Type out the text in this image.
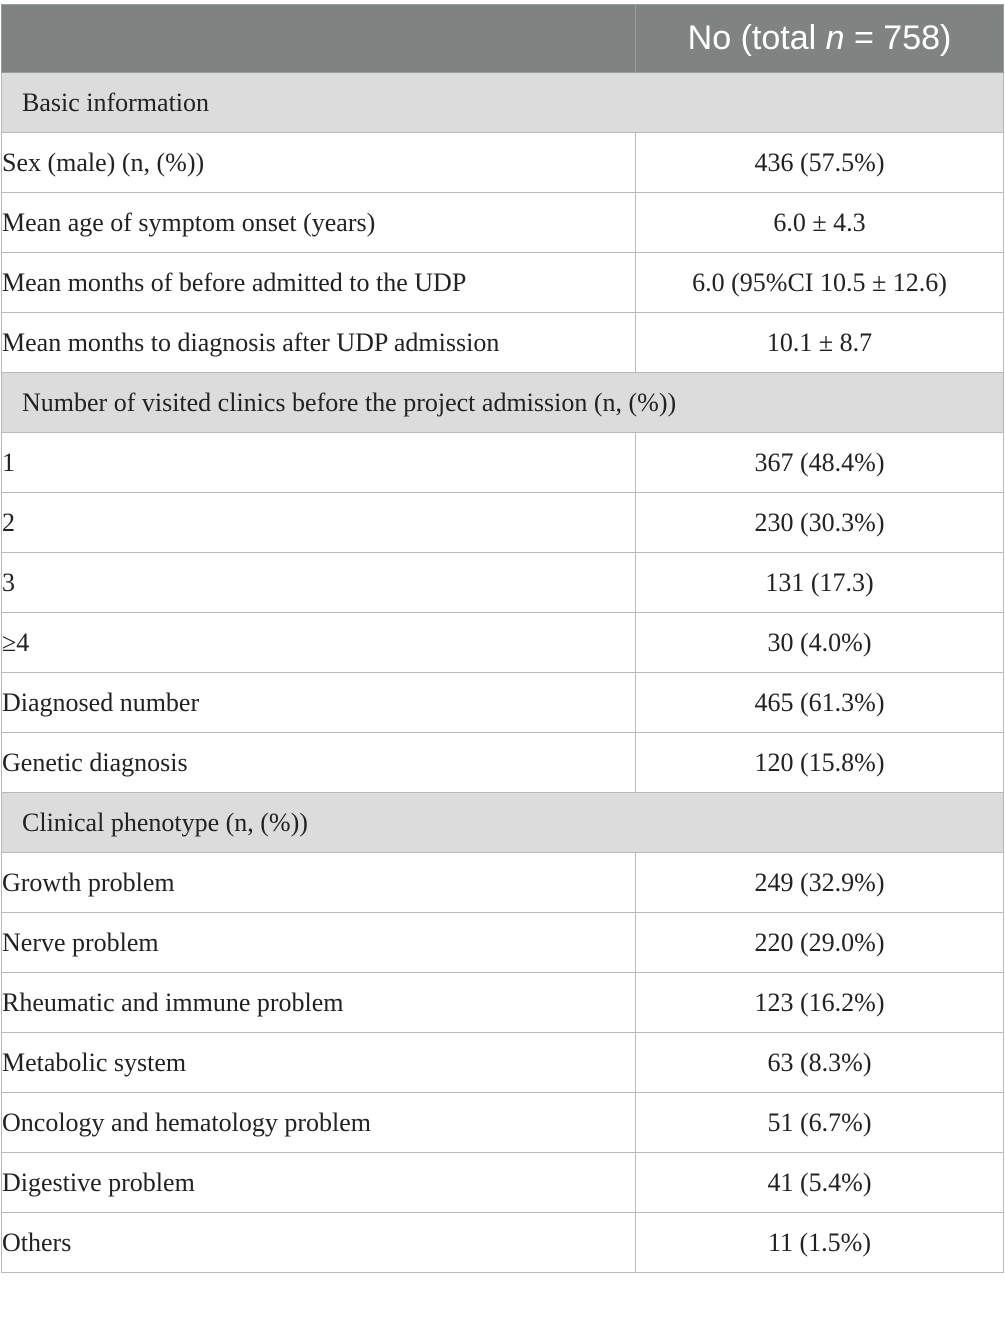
	No (total n = 758)
Basic information	
Sex (male) (n, (%))	436 (57.5%)
Mean age of symptom onset (years)	6.0 ± 4.3
Mean months of before admitted to the UDP	6.0 (95%CI 10.5 ± 12.6)
Mean months to diagnosis after UDP admission	10.1 ± 8.7
Number of visited clinics before the project admission (n, (%))	
1	367 (48.4%)
2	230 (30.3%)
3	131 (17.3)
≥4	30 (4.0%)
Diagnosed number	465 (61.3%)
Genetic diagnosis	120 (15.8%)
Clinical phenotype (n, (%))	
Growth problem	249 (32.9%)
Nerve problem	220 (29.0%)
Rheumatic and immune problem	123 (16.2%)
Metabolic system	63 (8.3%)
Oncology and hematology problem	51 (6.7%)
Digestive problem	41 (5.4%)
Others	11 (1.5%)
